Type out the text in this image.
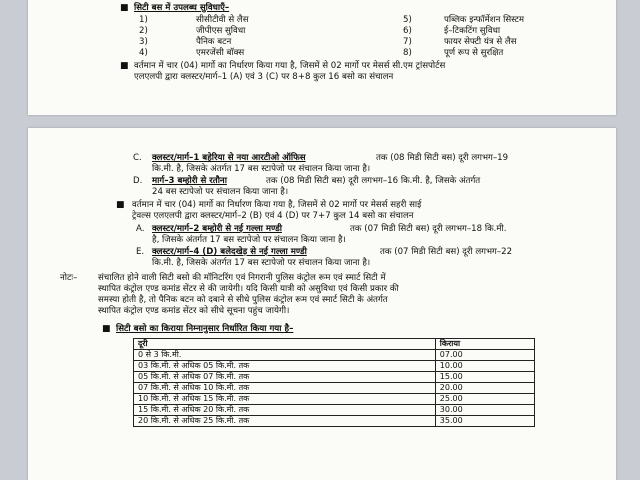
■ सिटी बस में उपलब्ध सुविधाएँ–
1)	सीसीटीवी से लैस
2)	जीपीएस सुविधा
3)	पैनिक बटन
4)	एमरजेंसी बॉक्स
5)	पब्लिक इन्फॉर्मेशन सिस्टम
6)	ई–टिकटिंग सुविधा
7)	फायर सेफ्टी यंत्र से लैस
8)	पूर्ण रूप से सुरक्षित
■ वर्तमान में चार (04) मार्गो का निर्धारण किया गया है, जिसमें से 02 मार्गो पर मेसर्स सी.एम ट्रांसपोर्टस
एलएलपी द्वारा क्लस्टर/मार्ग–1 (A) एवं 3 (C) पर 8+8 कुल 16 बसो का संचालन
C. क्लस्टर/मार्ग–1 बहेरिया से नया आरटीओ ऑफिस	तक (08 मिडी सिटी बस) दूरी लगभग–19
कि.मी. है, जिसके अंतर्गत 17 बस स्टापेजो पर संचालन किया जाना है।
D. मार्ग–3 बम्होरी से रतौना	तक (08 मिडी सिटी बस) दूरी लगभग–16 कि.मी. है, जिसके अंतर्गत
24 बस स्टापेजो पर संचालन किया जाना है।
■ वर्तमान में चार (04) मार्गो का निर्धारण किया गया है, जिसमें से 02 मार्गो पर मेसर्स सहरी साई
ट्रेवल्स एलएलपी द्वारा क्लस्टर/मार्ग–2 (B) एवं 4 (D) पर 7+7 कुल 14 बसो का संचालन
A. क्लस्टर/मार्ग–2 बम्होरी से नई गल्ला मण्डी	तक (07 मिडी सिटी बस) दूरी लगभग–18 कि.मी.
है, जिसके अंतर्गत 17 बस स्टापेजो पर संचालन किया जाना है।
E. क्लस्टर/मार्ग–4 (D) बलेदखेड़ से नई गल्ला मण्डी	तक (07 मिडी सिटी बस) दूरी लगभग–22
कि.मी. है, जिसके अंतर्गत 17 बस स्टापेजो पर संचालन किया जाना है।
नोटः– संचालित होने वाली सिटी बसो की मॉनिटरिंग एवं निगरानी पुलिस कंट्रोल रूम एवं स्मार्ट सिटी में
स्थापित कंट्रोल एण्ड कमांड सेंटर से की जायेगी। यदि किसी यात्री को असुविधा एवं किसी प्रकार की
समस्या होती है, तो पैनिक बटन को दबाने से सीधे पुलिस कंट्रोल रूम एवं स्मार्ट सिटी के अंतर्गत
स्थापित कंट्रोल एण्ड कमांड सेंटर को सीधे सूचना पहुंच जायेगी।
■ सिटी बसो का किराया निम्नानुसार निर्धारित किया गया है–
दूरी	किराया
0 से 3 कि.मी.	07.00
03 कि.मी. से अधिक 05 कि.मी. तक	10.00
05 कि.मी. से अधिक 07 कि.मी. तक	15.00
07 कि.मी. से अधिक 10 कि.मी. तक	20.00
10 कि.मी. से अधिक 15 कि.मी. तक	25.00
15 कि.मी. से अधिक 20 कि.मी. तक	30.00
20 कि.मी. से अधिक 25 कि.मी. तक	35.00
